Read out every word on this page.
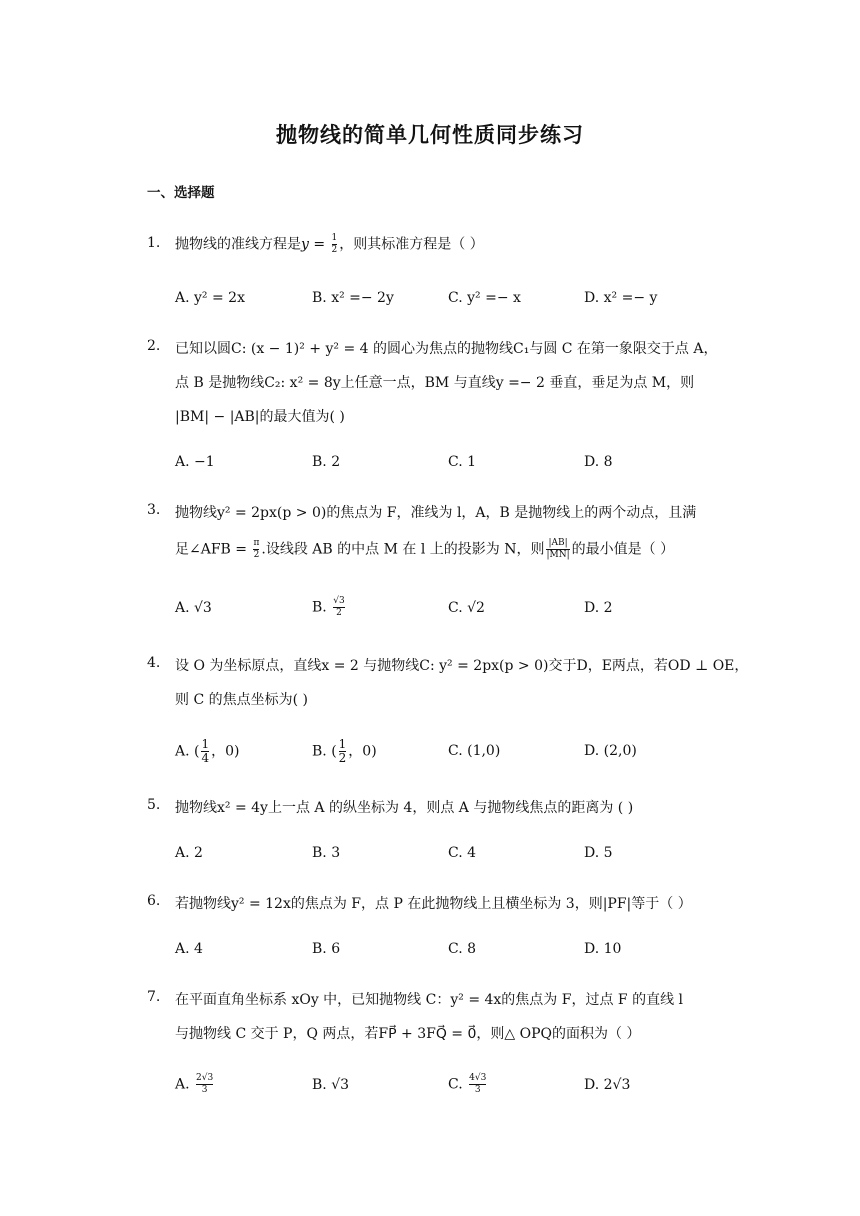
抛物线的简单几何性质同步练习
一、选择题
1. 抛物线的准线方程是$y = \frac{1}{2}$ ，则其标准方程是（ ）
A. y² = 2x	B. x² =− 2y	C. y² =− x	D. x² =− y
2. 已知以圆C: (x − 1)² + y² = 4 的圆心为焦点的抛物线C₁与圆 C 在第一象限交于点 A，
点 B 是抛物线C₂: x² = 8y上任意一点，BM 与直线y =− 2 垂直，垂足为点 M，则
|BM| − |AB|的最大值为( )
A. −1	B. 2	C. 1	D. 8
3. 抛物线y² = 2px(p > 0)的焦点为 F，准线为 l，A，B 是抛物线上的两个动点，且满
足∠AFB = $\frac{\pi}{2}$ .设线段 AB 的中点 M 在 l 上的投影为 N，则 $\frac{|AB|}{|MN|}$ 的最小值是（ ）
A. √3	B. $\frac{√3}{2}$	C. √2	D. 2
4. 设 O 为坐标原点，直线x = 2 与抛物线C: y² = 2px(p > 0)交于D，E两点，若OD ⊥ OE，
则 C 的焦点坐标为( )
A. ( $\frac{1}{4}$ ，0)	B. ( $\frac{1}{2}$ ，0)	C. (1,0)	D. (2,0)
5. 抛物线x² = 4y上一点 A 的纵坐标为 4，则点 A 与抛物线焦点的距离为 ( )
A. 2	B. 3	C. 4	D. 5
6. 若抛物线y² = 12x的焦点为 F，点 P 在此抛物线上且横坐标为 3，则|PF|等于（ ）
A. 4	B. 6	C. 8	D. 10
7. 在平面直角坐标系 xOy 中，已知抛物线 C：y² = 4x的焦点为 F，过点 F 的直线 l
与抛物线 C 交于 P，Q 两点，若FP⃗ + 3FQ⃗ = 0⃗，则△ OPQ的面积为（ ）
A. $\frac{2√3}{3}$	B. √3	C. $\frac{4√3}{3}$	D. 2√3
